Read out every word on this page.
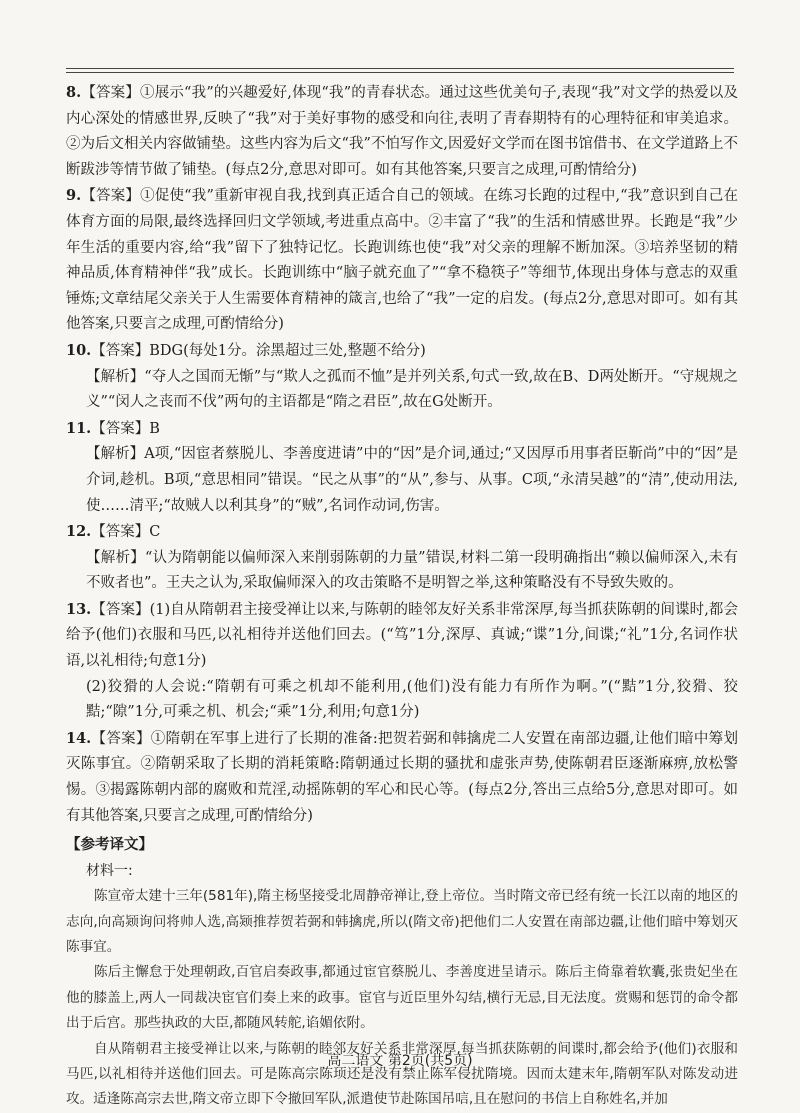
8.【答案】①展示“我”的兴趣爱好,体现“我”的青春状态。通过这些优美句子,表现“我”对文学的热爱以及内心深处的情感世界,反映了“我”对于美好事物的感受和向往,表明了青春期特有的心理特征和审美追求。②为后文相关内容做铺垫。这些内容为后文“我”不怕写作文,因爱好文学而在图书馆借书、在文学道路上不断跋涉等情节做了铺垫。(每点2分,意思对即可。如有其他答案,只要言之成理,可酌情给分)
9.【答案】①促使“我”重新审视自我,找到真正适合自己的领域。在练习长跑的过程中,“我”意识到自己在体育方面的局限,最终选择回归文学领域,考进重点高中。②丰富了“我”的生活和情感世界。长跑是“我”少年生活的重要内容,给“我”留下了独特记忆。长跑训练也使“我”对父亲的理解不断加深。③培养坚韧的精神品质,体育精神伴“我”成长。长跑训练中“脑子就充血了”“拿不稳筷子”等细节,体现出身体与意志的双重锤炼;文章结尾父亲关于人生需要体育精神的箴言,也给了“我”一定的启发。(每点2分,意思对即可。如有其他答案,只要言之成理,可酌情给分)
10.【答案】BDG(每处1分。涂黑超过三处,整题不给分)
【解析】“夺人之国而无惭”与“欺人之孤而不恤”是并列关系,句式一致,故在B、D两处断开。“守规规之义”“闵人之丧而不伐”两句的主语都是“隋之君臣”,故在G处断开。
11.【答案】B
【解析】A项,“因宦者蔡脱儿、李善度进请”中的“因”是介词,通过;“又因厚币用事者臣靳尚”中的“因”是介词,趁机。B项,“意思相同”错误。“民之从事”的“从”,参与、从事。C项,“永清吴越”的“清”,使动用法,使……清平;“故贼人以利其身”的“贼”,名词作动词,伤害。
12.【答案】C
【解析】“认为隋朝能以偏师深入来削弱陈朝的力量”错误,材料二第一段明确指出“赖以偏师深入,未有不败者也”。王夫之认为,采取偏师深入的攻击策略不是明智之举,这种策略没有不导致失败的。
13.【答案】(1)自从隋朝君主接受禅让以来,与陈朝的睦邻友好关系非常深厚,每当抓获陈朝的间谍时,都会给予(他们)衣服和马匹,以礼相待并送他们回去。(“笃”1分,深厚、真诚;“谍”1分,间谍;“礼”1分,名词作状语,以礼相待;句意1分)
(2)狡猾的人会说:“隋朝有可乘之机却不能利用,(他们)没有能力有所作为啊。”(“黠”1分,狡猾、狡黠;“隙”1分,可乘之机、机会;“乘”1分,利用;句意1分)
14.【答案】①隋朝在军事上进行了长期的准备:把贺若弼和韩擒虎二人安置在南部边疆,让他们暗中筹划灭陈事宜。②隋朝采取了长期的消耗策略:隋朝通过长期的骚扰和虚张声势,使陈朝君臣逐渐麻痹,放松警惕。③揭露陈朝内部的腐败和荒淫,动摇陈朝的军心和民心等。(每点2分,答出三点给5分,意思对即可。如有其他答案,只要言之成理,可酌情给分)
【参考译文】
材料一:
陈宣帝太建十三年(581年),隋主杨坚接受北周静帝禅让,登上帝位。当时隋文帝已经有统一长江以南的地区的志向,向高颎询问将帅人选,高颎推荐贺若弼和韩擒虎,所以(隋文帝)把他们二人安置在南部边疆,让他们暗中筹划灭陈事宜。
陈后主懈怠于处理朝政,百官启奏政事,都通过宦官蔡脱儿、李善度进呈请示。陈后主倚靠着软囊,张贵妃坐在他的膝盖上,两人一同裁决宦官们奏上来的政事。宦官与近臣里外勾结,横行无忌,目无法度。赏赐和惩罚的命令都出于后宫。那些执政的大臣,都随风转舵,谄媚依附。
自从隋朝君主接受禅让以来,与陈朝的睦邻友好关系非常深厚,每当抓获陈朝的间谍时,都会给予(他们)衣服和马匹,以礼相待并送他们回去。可是陈高宗陈顼还是没有禁止陈军侵扰隋境。因而太建末年,隋朝军队对陈发动进攻。适逢陈高宗去世,隋文帝立即下令撤回军队,派遣使节赴陈国吊唁,且在慰问的书信上自称姓名,并加
高二语文 第2页(共5页)
